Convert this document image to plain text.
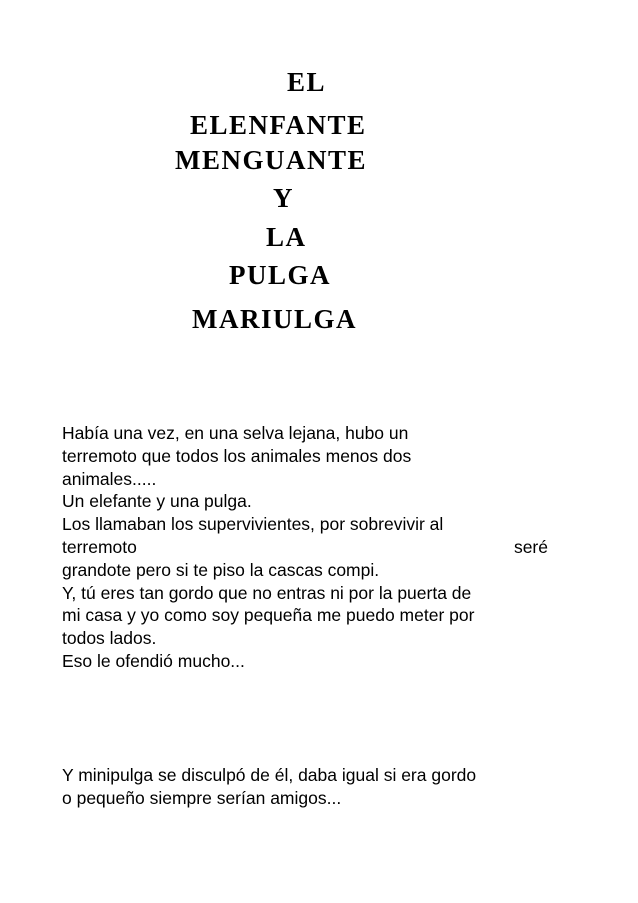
EL

ELENFANTE

MENGUANTE

Y

LA

PULGA

MARIULGA

Había una vez, en una selva lejana, hubo un
terremoto que todos los animales menos dos
animales.....
Un elefante y una pulga.
Los llamaban los supervivientes, por sobrevivir al
terremoto	seré
grandote pero si te piso la cascas compi.
Y, tú eres tan gordo que no entras ni por la puerta de
mi casa y yo como soy pequeña me puedo meter por
todos lados.
Eso le ofendió mucho...
Y minipulga se disculpó de él, daba igual si era gordo
o pequeño siempre serían amigos...
